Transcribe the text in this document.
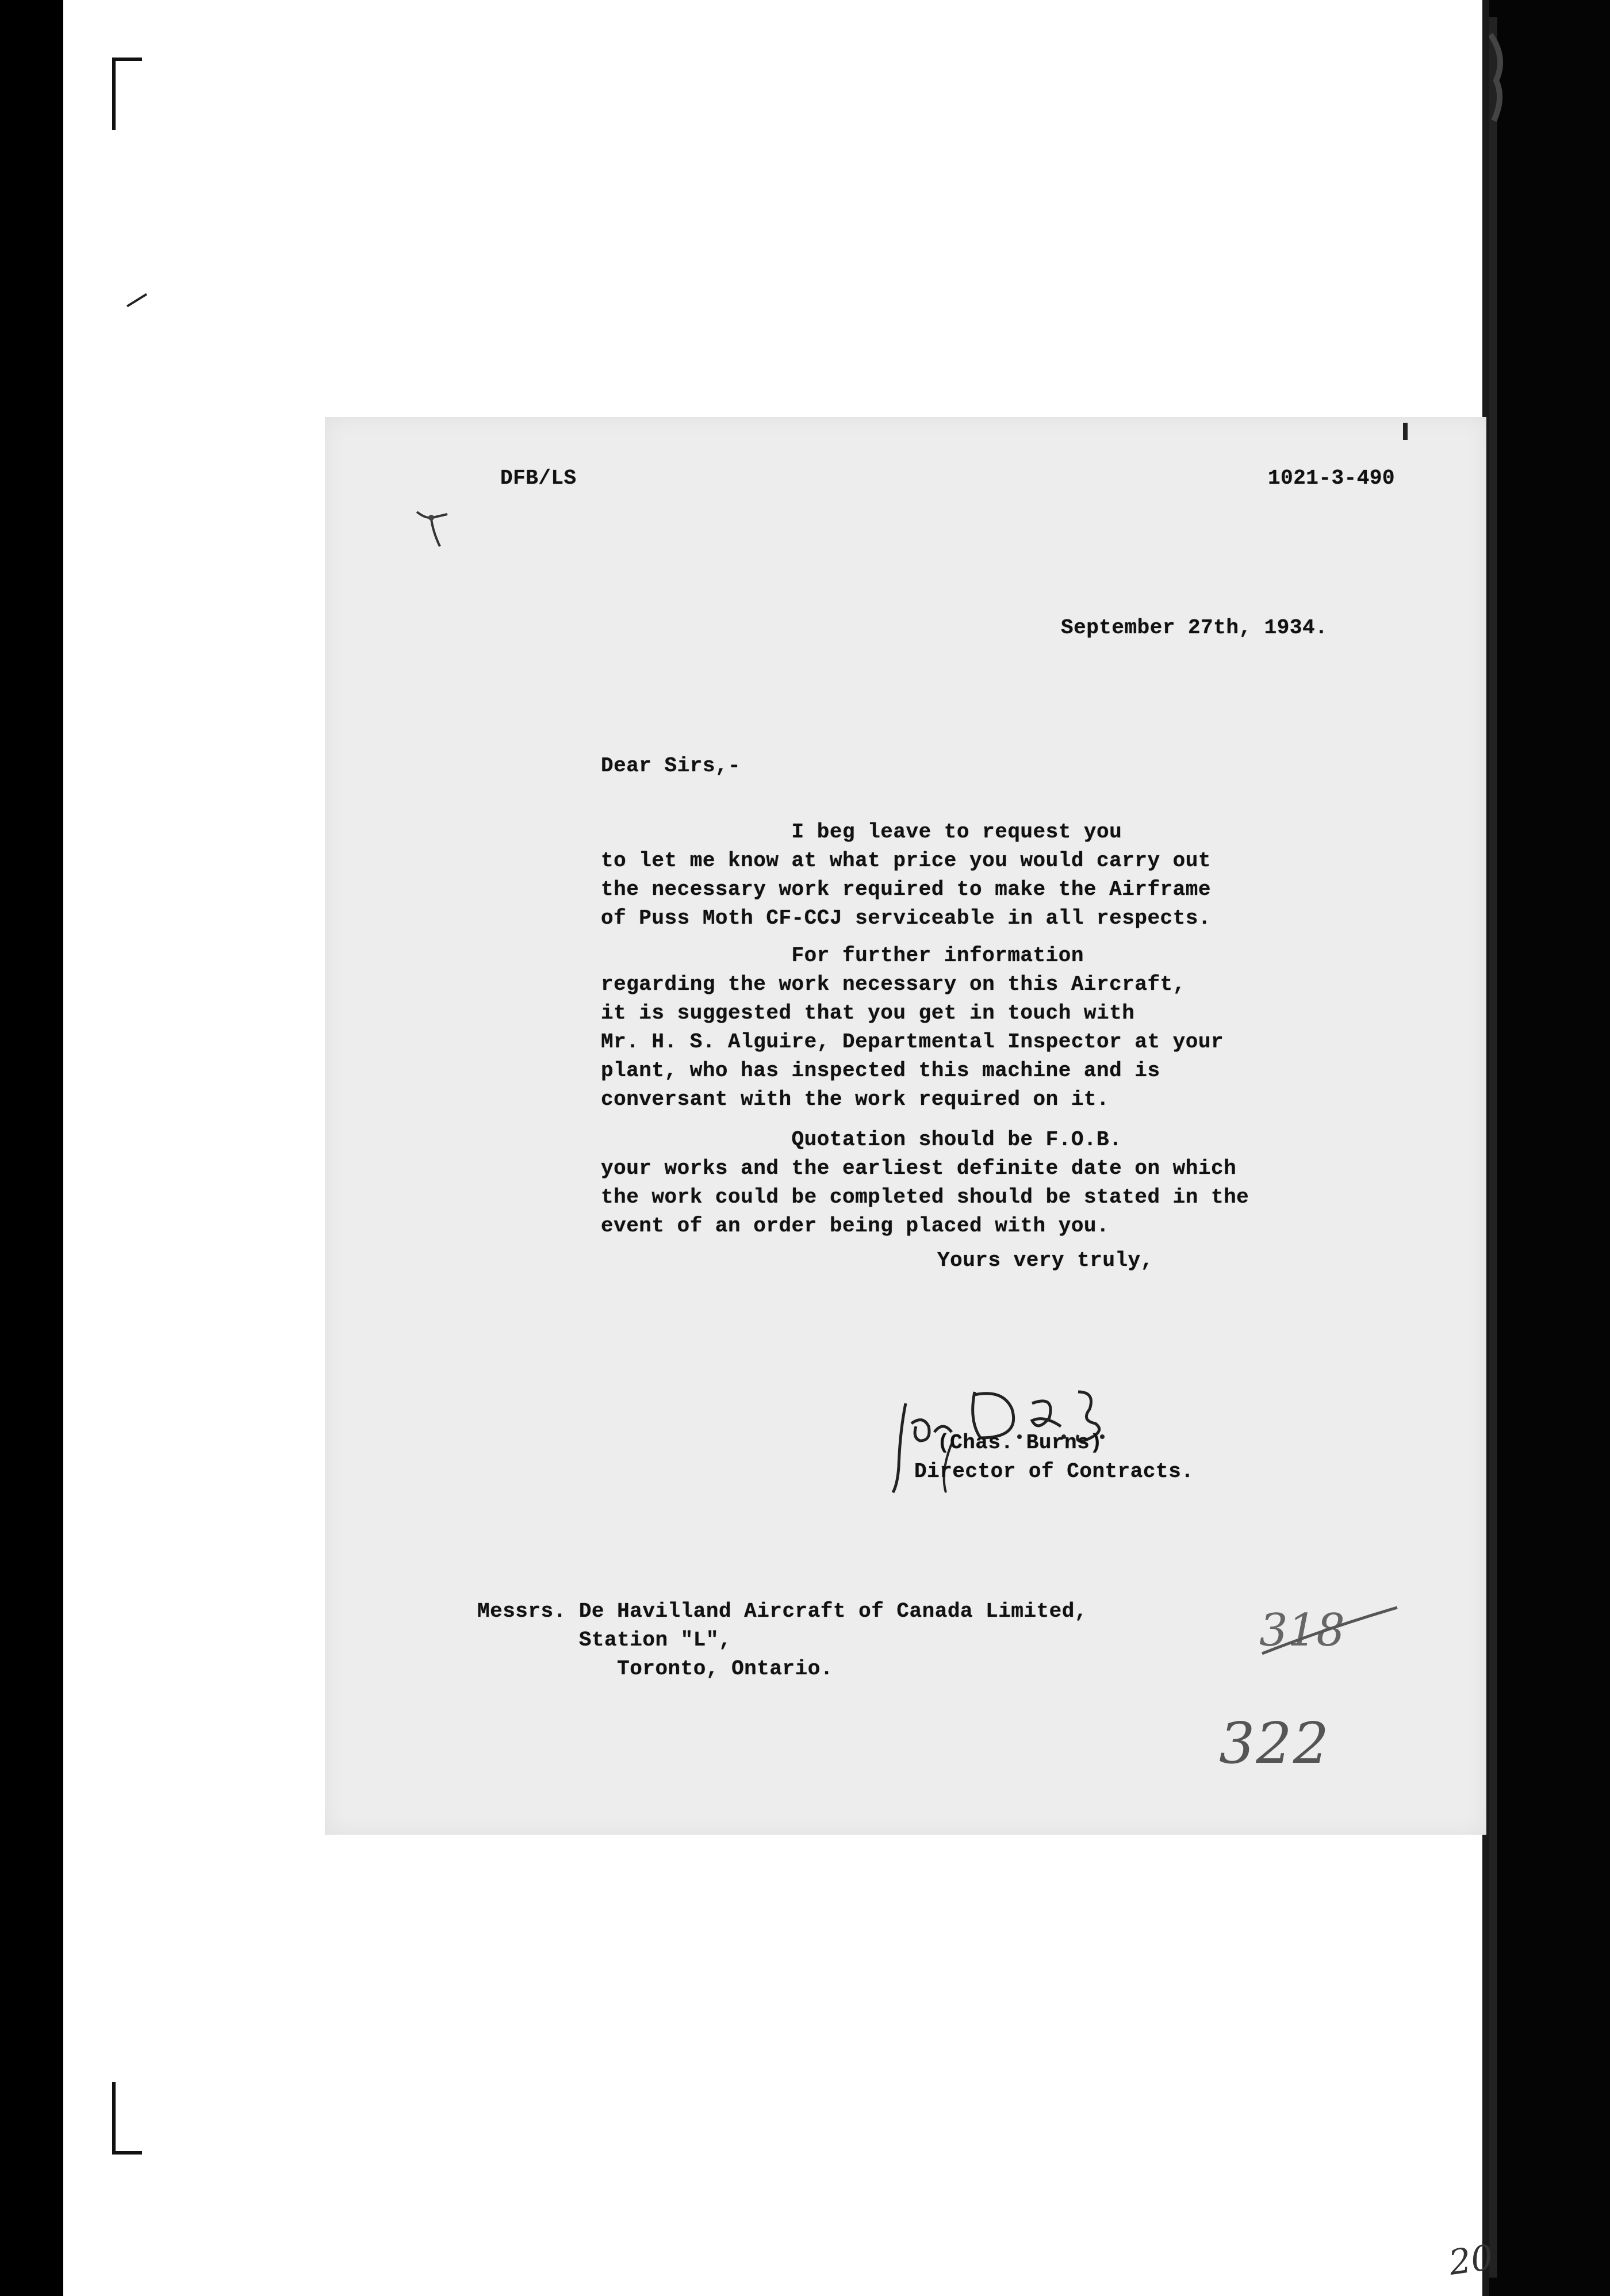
DFB/LS	1021-3-490
September 27th, 1934.
Dear Sirs,-
I beg leave to request you
to let me know at what price you would carry out
the necessary work required to make the Airframe
of Puss Moth CF-CCJ serviceable in all respects.
For further information
regarding the work necessary on this Aircraft,
it is suggested that you get in touch with
Mr. H. S. Alguire, Departmental Inspector at your
plant, who has inspected this machine and is
conversant with the work required on it.
Quotation should be F.O.B.
your works and the earliest definite date on which
the work could be completed should be stated in the
event of an order being placed with you.
Yours very truly,
(Chas. Burns)
Director of Contracts.
Messrs. De Havilland Aircraft of Canada Limited,
Station "L",
Toronto, Ontario.
318
322
20
